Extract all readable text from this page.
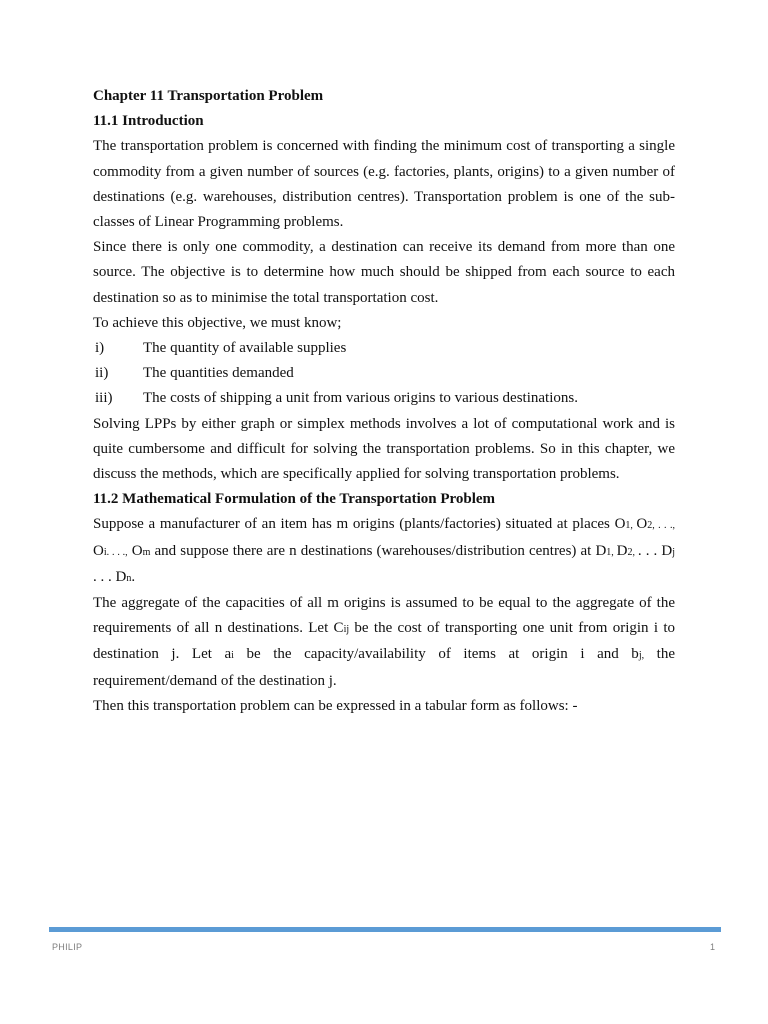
Chapter 11 Transportation Problem
11.1 Introduction
The transportation problem is concerned with finding the minimum cost of transporting a single commodity from a given number of sources (e.g. factories, plants, origins) to a given number of destinations (e.g. warehouses, distribution centres). Transportation problem is one of the sub-classes of Linear Programming problems.
Since there is only one commodity, a destination can receive its demand from more than one source. The objective is to determine how much should be shipped from each source to each destination so as to minimise the total transportation cost.
To achieve this objective, we must know;
i)	The quantity of available supplies
ii)	The quantities demanded
iii)	The costs of shipping a unit from various origins to various destinations.
Solving LPPs by either graph or simplex methods involves a lot of computational work and is quite cumbersome and difficult for solving the transportation problems. So in this chapter, we discuss the methods, which are specifically applied for solving transportation problems.
11.2 Mathematical Formulation of the Transportation Problem
Suppose a manufacturer of an item has m origins (plants/factories) situated at places O1, O2, . . ., Oi. . . ., Om and suppose there are n destinations (warehouses/distribution centres) at D1, D2, . . . Dj . . . Dn.
The aggregate of the capacities of all m origins is assumed to be equal to the aggregate of the requirements of all n destinations. Let Cij be the cost of transporting one unit from origin i to destination j. Let ai be the capacity/availability of items at origin i and bj, the requirement/demand of the destination j.
Then this transportation problem can be expressed in a tabular form as follows: -
PHILIP	1
